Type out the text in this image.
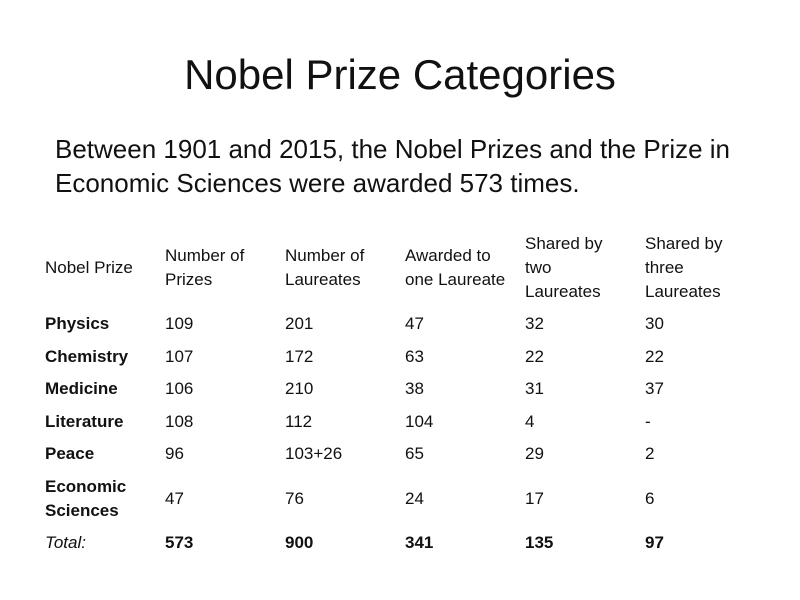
Nobel Prize Categories

Between 1901 and 2015, the Nobel Prizes and the Prize in Economic Sciences were awarded 573 times.

Nobel Prize	Number of Prizes	Number of Laureates	Awarded to one Laureate	Shared by two Laureates	Shared by three Laureates
Physics	109	201	47	32	30
Chemistry	107	172	63	22	22
Medicine	106	210	38	31	37
Literature	108	112	104	4	-
Peace	96	103+26	65	29	2
Economic Sciences	47	76	24	17	6
Total:	573	900	341	135	97
